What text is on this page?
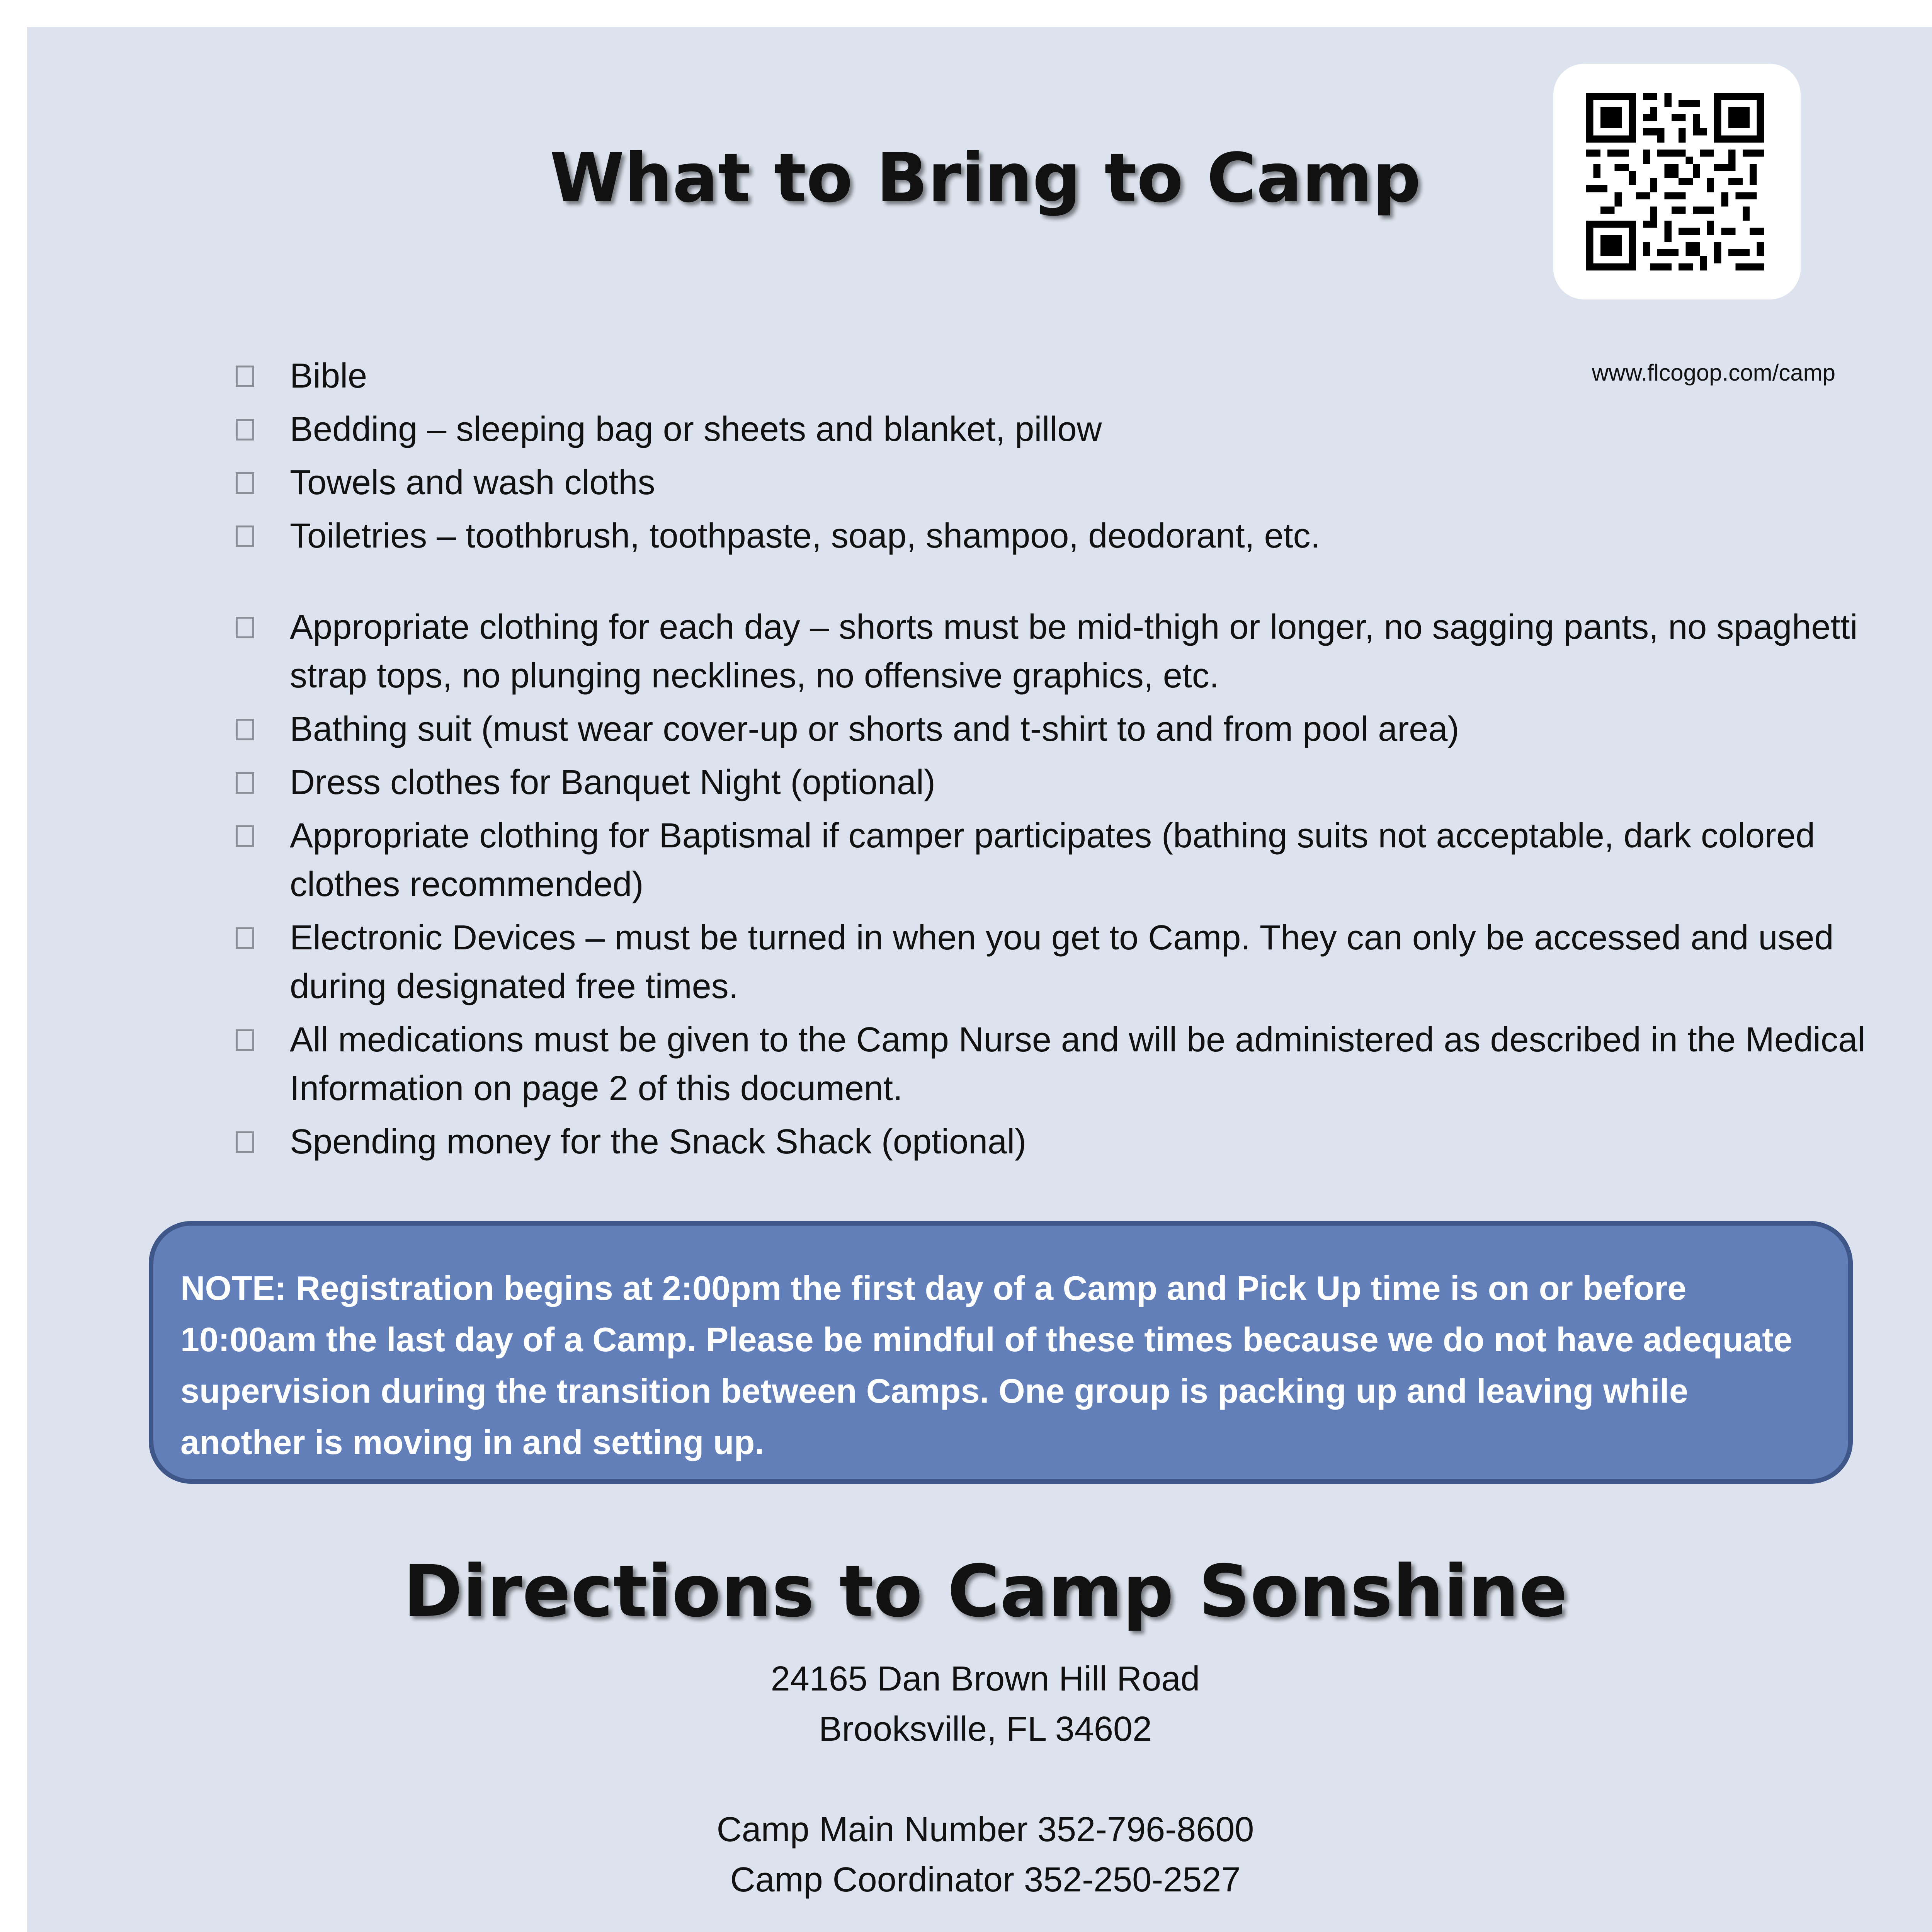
What to Bring to Camp
www.flcogop.com/camp
Bible
Bedding – sleeping bag or sheets and blanket, pillow
Towels and wash cloths
Toiletries – toothbrush, toothpaste, soap, shampoo, deodorant, etc.
Appropriate clothing for each day – shorts must be mid-thigh or longer, no sagging pants, no spaghetti strap tops, no plunging necklines, no offensive graphics, etc.
Bathing suit (must wear cover-up or shorts and t-shirt to and from pool area)
Dress clothes for Banquet Night (optional)
Appropriate clothing for Baptismal if camper participates (bathing suits not acceptable, dark colored clothes recommended)
Electronic Devices – must be turned in when you get to Camp. They can only be accessed and used during designated free times.
All medications must be given to the Camp Nurse and will be administered as described in the Medical Information on page 2 of this document.
Spending money for the Snack Shack (optional)
NOTE: Registration begins at 2:00pm the first day of a Camp and Pick Up time is on or before 10:00am the last day of a Camp. Please be mindful of these times because we do not have adequate supervision during the transition between Camps. One group is packing up and leaving while another is moving in and setting up.
Directions to Camp Sonshine
24165 Dan Brown Hill Road
Brooksville, FL 34602
Camp Main Number 352-796-8600
Camp Coordinator 352-250-2527
